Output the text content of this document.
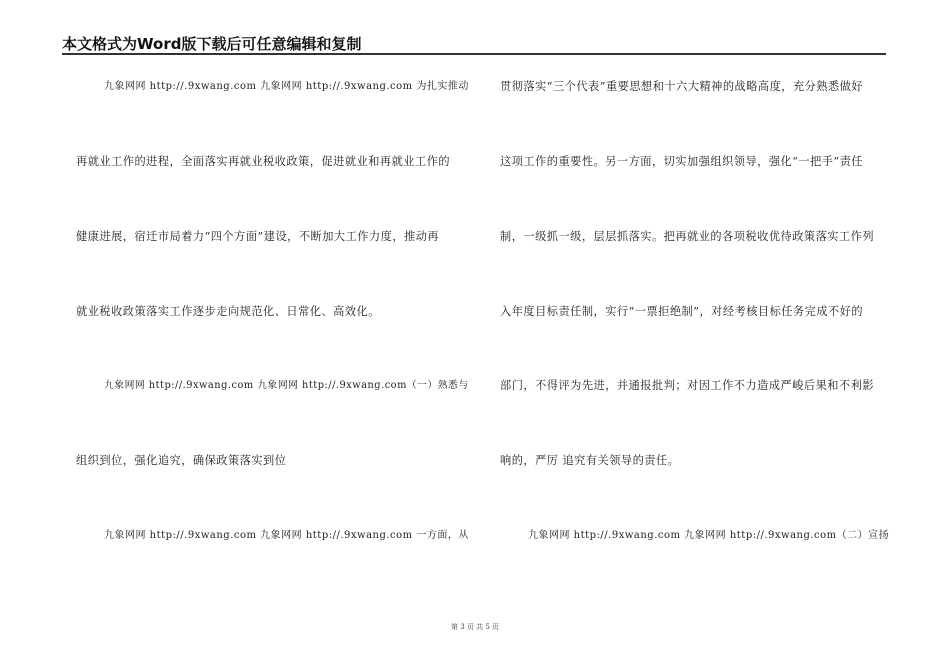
本文格式为Word版下载后可任意编辑和复制
九象网网 http://.9xwang.com 九象网网 http://.9xwang.com 为扎实推动
再就业工作的进程，全面落实再就业税收政策，促进就业和再就业工作的
健康进展，宿迁市局着力“四个方面”建设，不断加大工作力度，推动再
就业税收政策落实工作逐步走向规范化、日常化、高效化。
九象网网 http://.9xwang.com 九象网网 http://.9xwang.com（一）熟悉与
组织到位，强化追究，确保政策落实到位
九象网网 http://.9xwang.com 九象网网 http://.9xwang.com 一方面，从
贯彻落实“三个代表”重要思想和十六大精神的战略高度，充分熟悉做好
这项工作的重要性。另一方面，切实加强组织领导，强化“一把手”责任
制，一级抓一级，层层抓落实。把再就业的各项税收优待政策落实工作列
入年度目标责任制，实行“一票拒绝制”，对经考核目标任务完成不好的
部门，不得评为先进，并通报批判；对因工作不力造成严峻后果和不利影
响的，严厉 追究有关领导的责任。
九象网网 http://.9xwang.com 九象网网 http://.9xwang.com（二）宣扬
第 3 页 共 5 页
